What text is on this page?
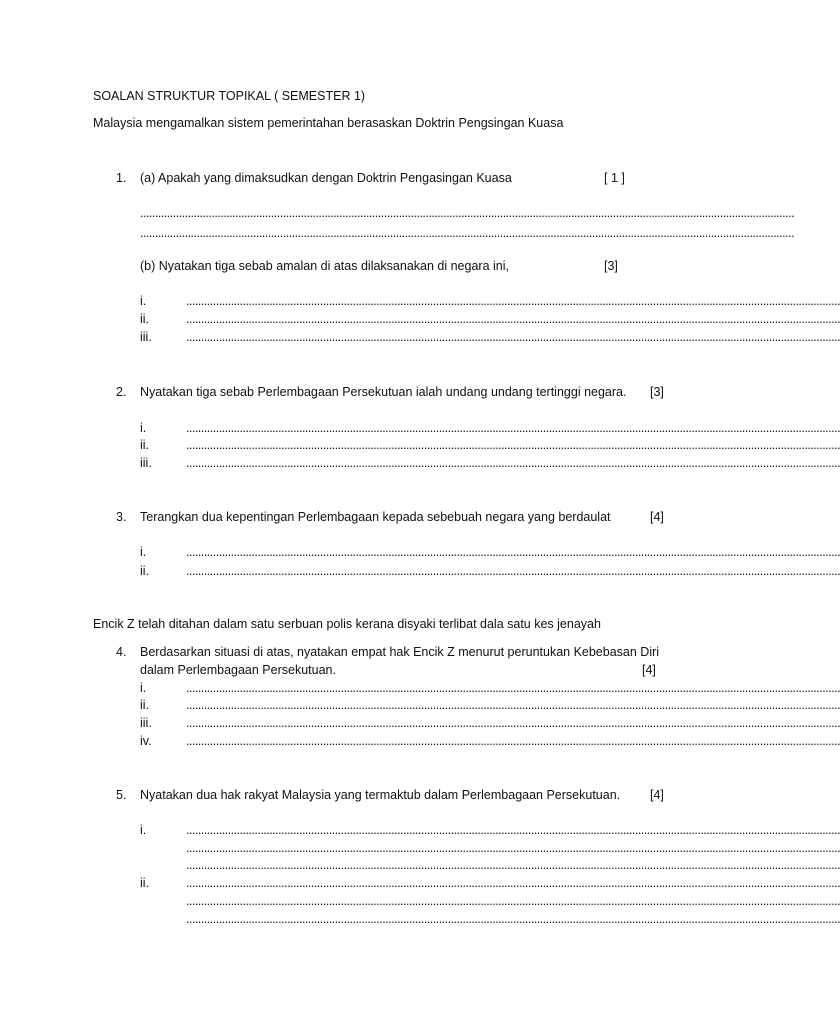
SOALAN STRUKTUR TOPIKAL ( SEMESTER 1)
Malaysia mengamalkan sistem pemerintahan berasaskan Doktrin Pengsingan Kuasa
1. (a) Apakah yang dimaksudkan dengan Doktrin Pengasingan Kuasa	[ 1 ]
............................................................................................................................................................................................................................
............................................................................................................................................................................................................................
(b) Nyatakan tiga sebab amalan di atas dilaksanakan di negara ini,	[3]
i.	............................................................................................................................................................................................................................
ii.	............................................................................................................................................................................................................................
iii.	............................................................................................................................................................................................................................
2. Nyatakan tiga sebab Perlembagaan Persekutuan ialah undang undang tertinggi negara. [3]
i.	............................................................................................................................................................................................................................
ii.	............................................................................................................................................................................................................................
iii.	............................................................................................................................................................................................................................
3. Terangkan dua kepentingan Perlembagaan kepada sebebuah negara yang berdaulat	[4]
i.	............................................................................................................................................................................................................................
ii.	............................................................................................................................................................................................................................
Encik Z telah ditahan dalam satu serbuan polis kerana disyaki terlibat dala satu kes jenayah
4. Berdasarkan situasi di atas, nyatakan empat hak Encik Z menurut peruntukan Kebebasan Diri
dalam Perlembagaan Persekutuan.	[4]
i.	............................................................................................................................................................................................................................
ii.	............................................................................................................................................................................................................................
iii.	............................................................................................................................................................................................................................
iv.	............................................................................................................................................................................................................................
5. Nyatakan dua hak rakyat Malaysia yang termaktub dalam Perlembagaan Persekutuan. [4]
i.	............................................................................................................................................................................................................................
............................................................................................................................................................................................................................
............................................................................................................................................................................................................................
ii.	............................................................................................................................................................................................................................
............................................................................................................................................................................................................................
............................................................................................................................................................................................................................
